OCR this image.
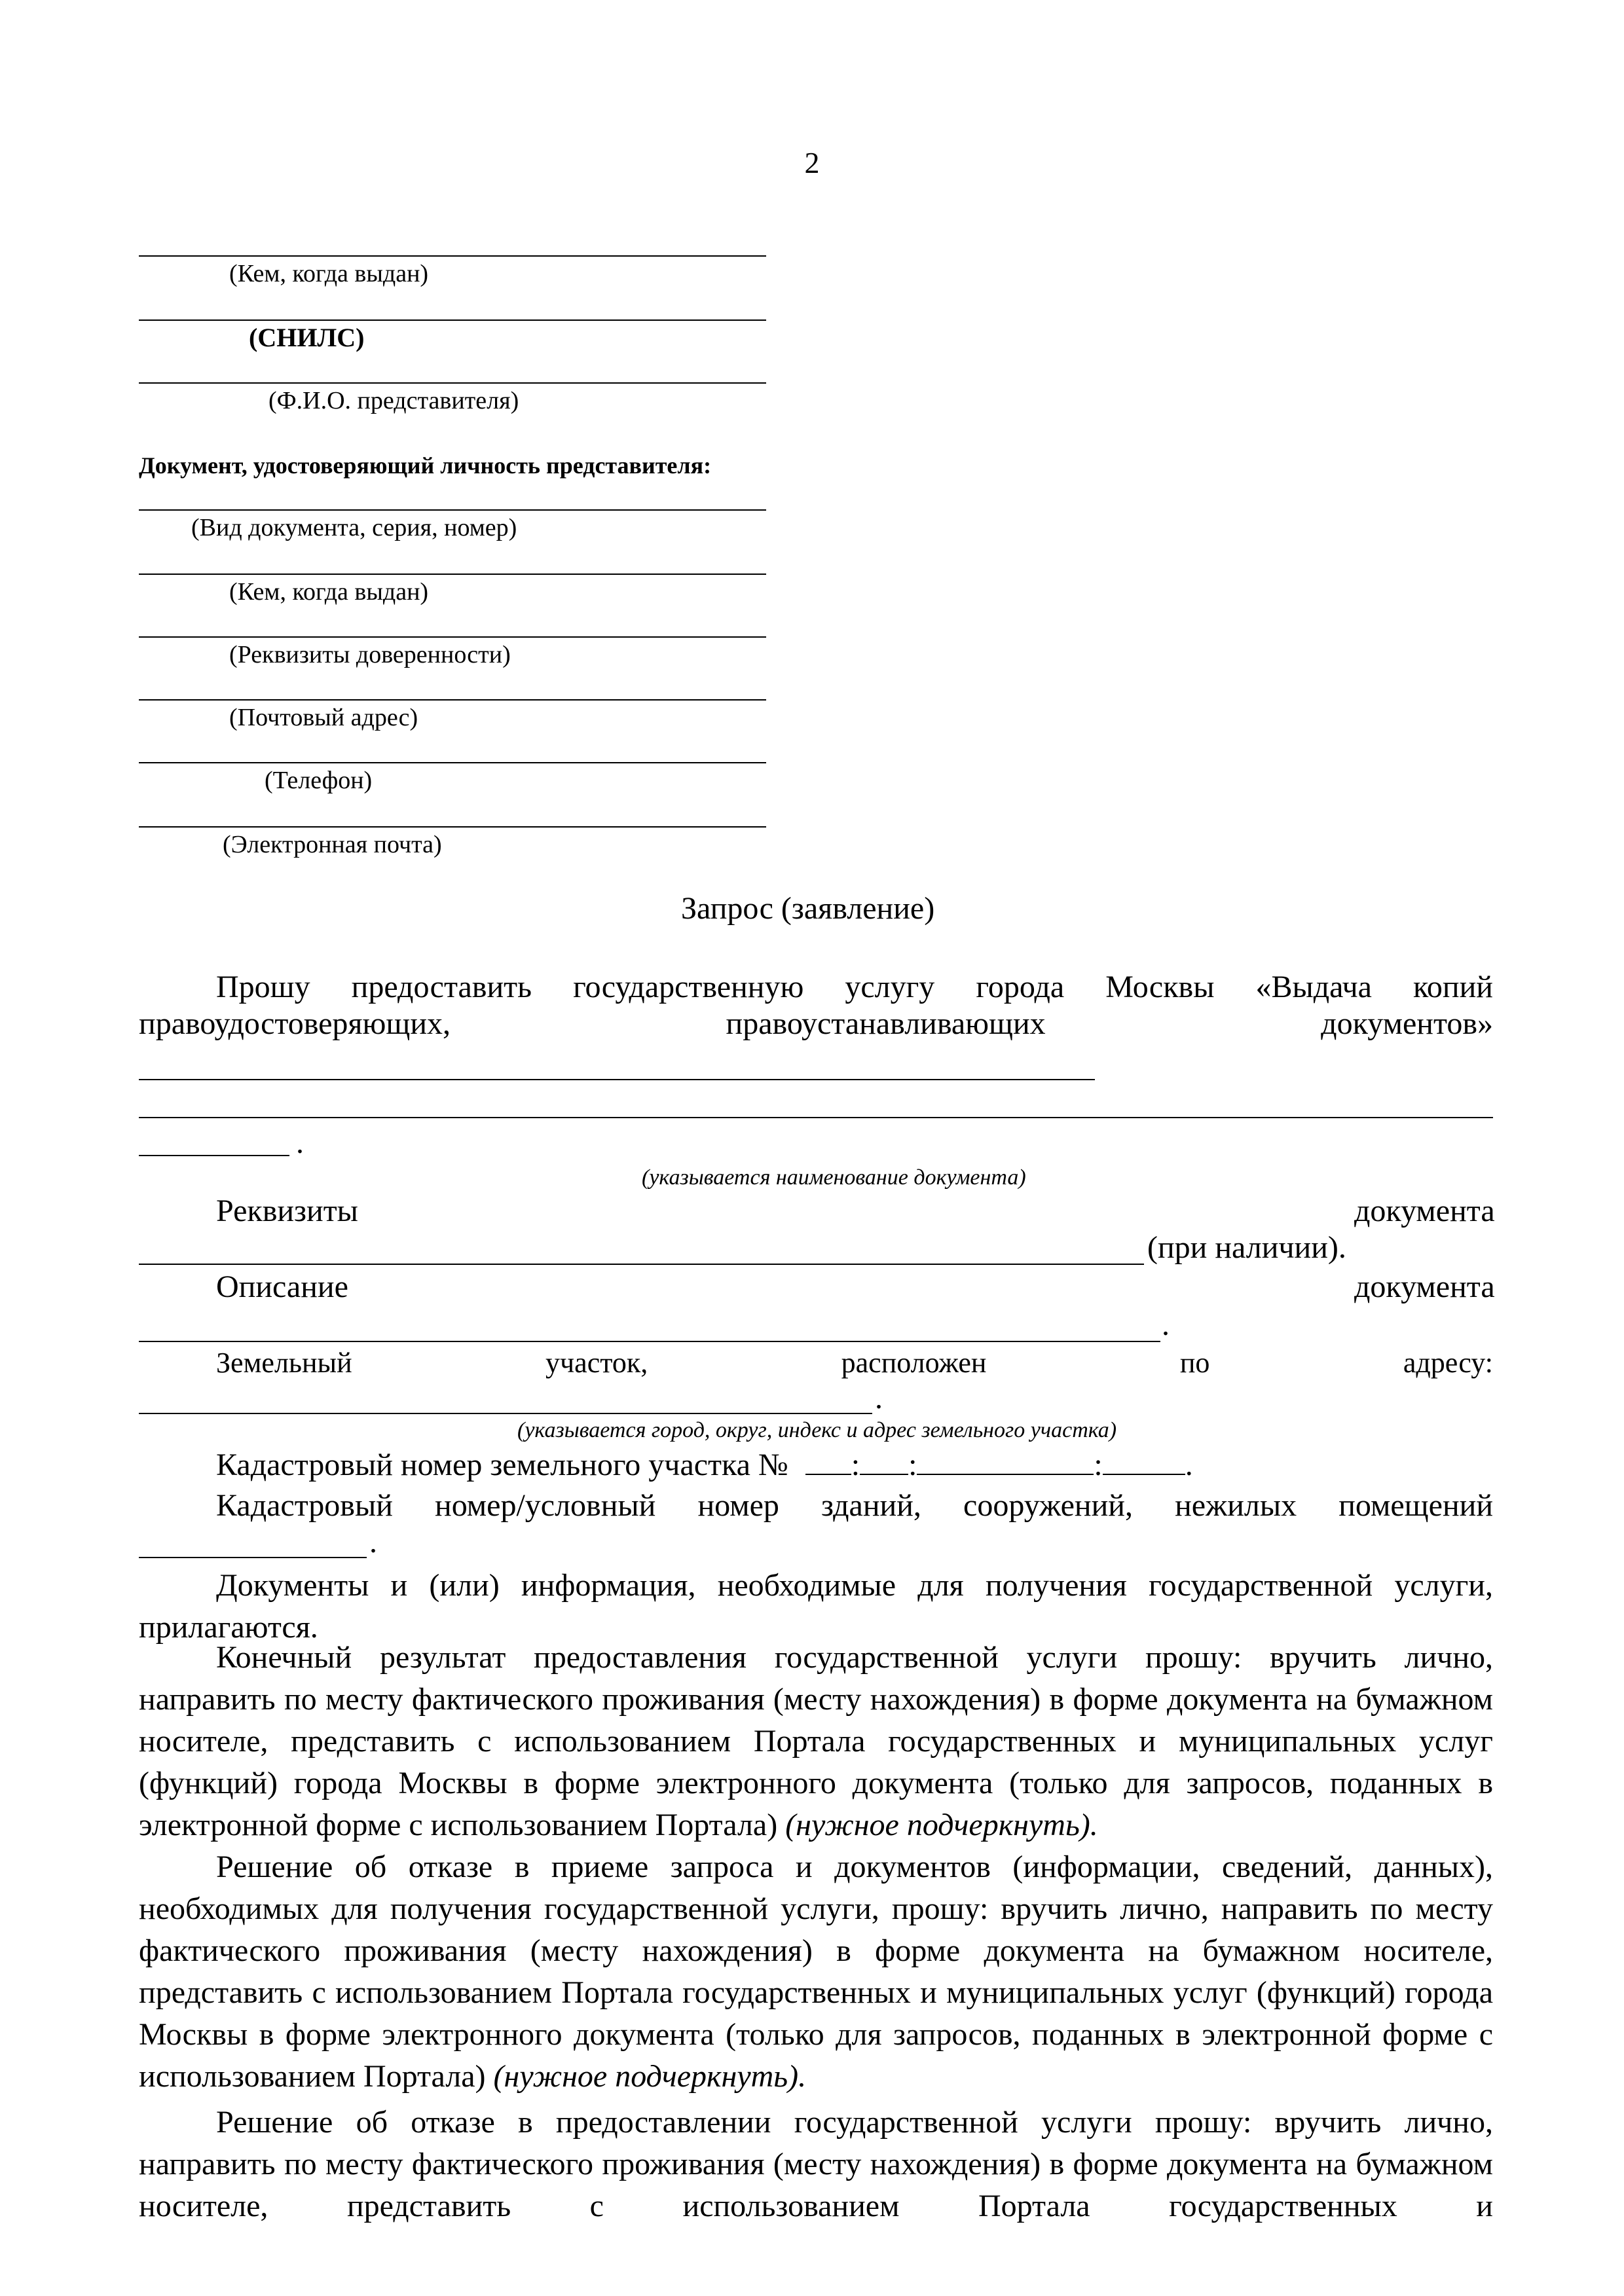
2
(Кем, когда выдан)
(СНИЛС)
(Ф.И.О. представителя)
Документ, удостоверяющий личность представителя:
(Вид документа, серия, номер)
(Кем, когда выдан)
(Реквизиты доверенности)
(Почтовый адрес)
(Телефон)
(Электронная почта)
Запрос (заявление)
Прошу предоставить государственную услугу города Москвы «Выдача копий
правоудостоверяющих,	правоустанавливающих	документов»
.
(указывается наименование документа)
Реквизиты	документа
(при наличии).
Описание	документа
.
Земельный	участок,	расположен	по	адресу:
.
(указывается город, округ, индекс и адрес земельного участка)
Кадастровый номер земельного участка № : :	:	.
Кадастровый номер/условный номер зданий, сооружений, нежилых помещений
.
Документы и (или) информация, необходимые для получения государственной услуги, прилагаются.
Конечный результат предоставления государственной услуги прошу: вручить лично, направить по месту фактического проживания (месту нахождения) в форме документа на бумажном носителе, представить с использованием Портала государственных и муниципальных услуг (функций) города Москвы в форме электронного документа (только для запросов, поданных в электронной форме с использованием Портала) (нужное подчеркнуть).
Решение об отказе в приеме запроса и документов (информации, сведений, данных), необходимых для получения государственной услуги, прошу: вручить лично, направить по месту фактического проживания (месту нахождения) в форме документа на бумажном носителе, представить с использованием Портала государственных и муниципальных услуг (функций) города Москвы в форме электронного документа (только для запросов, поданных в электронной форме с использованием Портала) (нужное подчеркнуть).
Решение об отказе в предоставлении государственной услуги прошу: вручить лично, направить по месту фактического проживания (месту нахождения) в форме документа на бумажном носителе, представить с использованием Портала государственных и
